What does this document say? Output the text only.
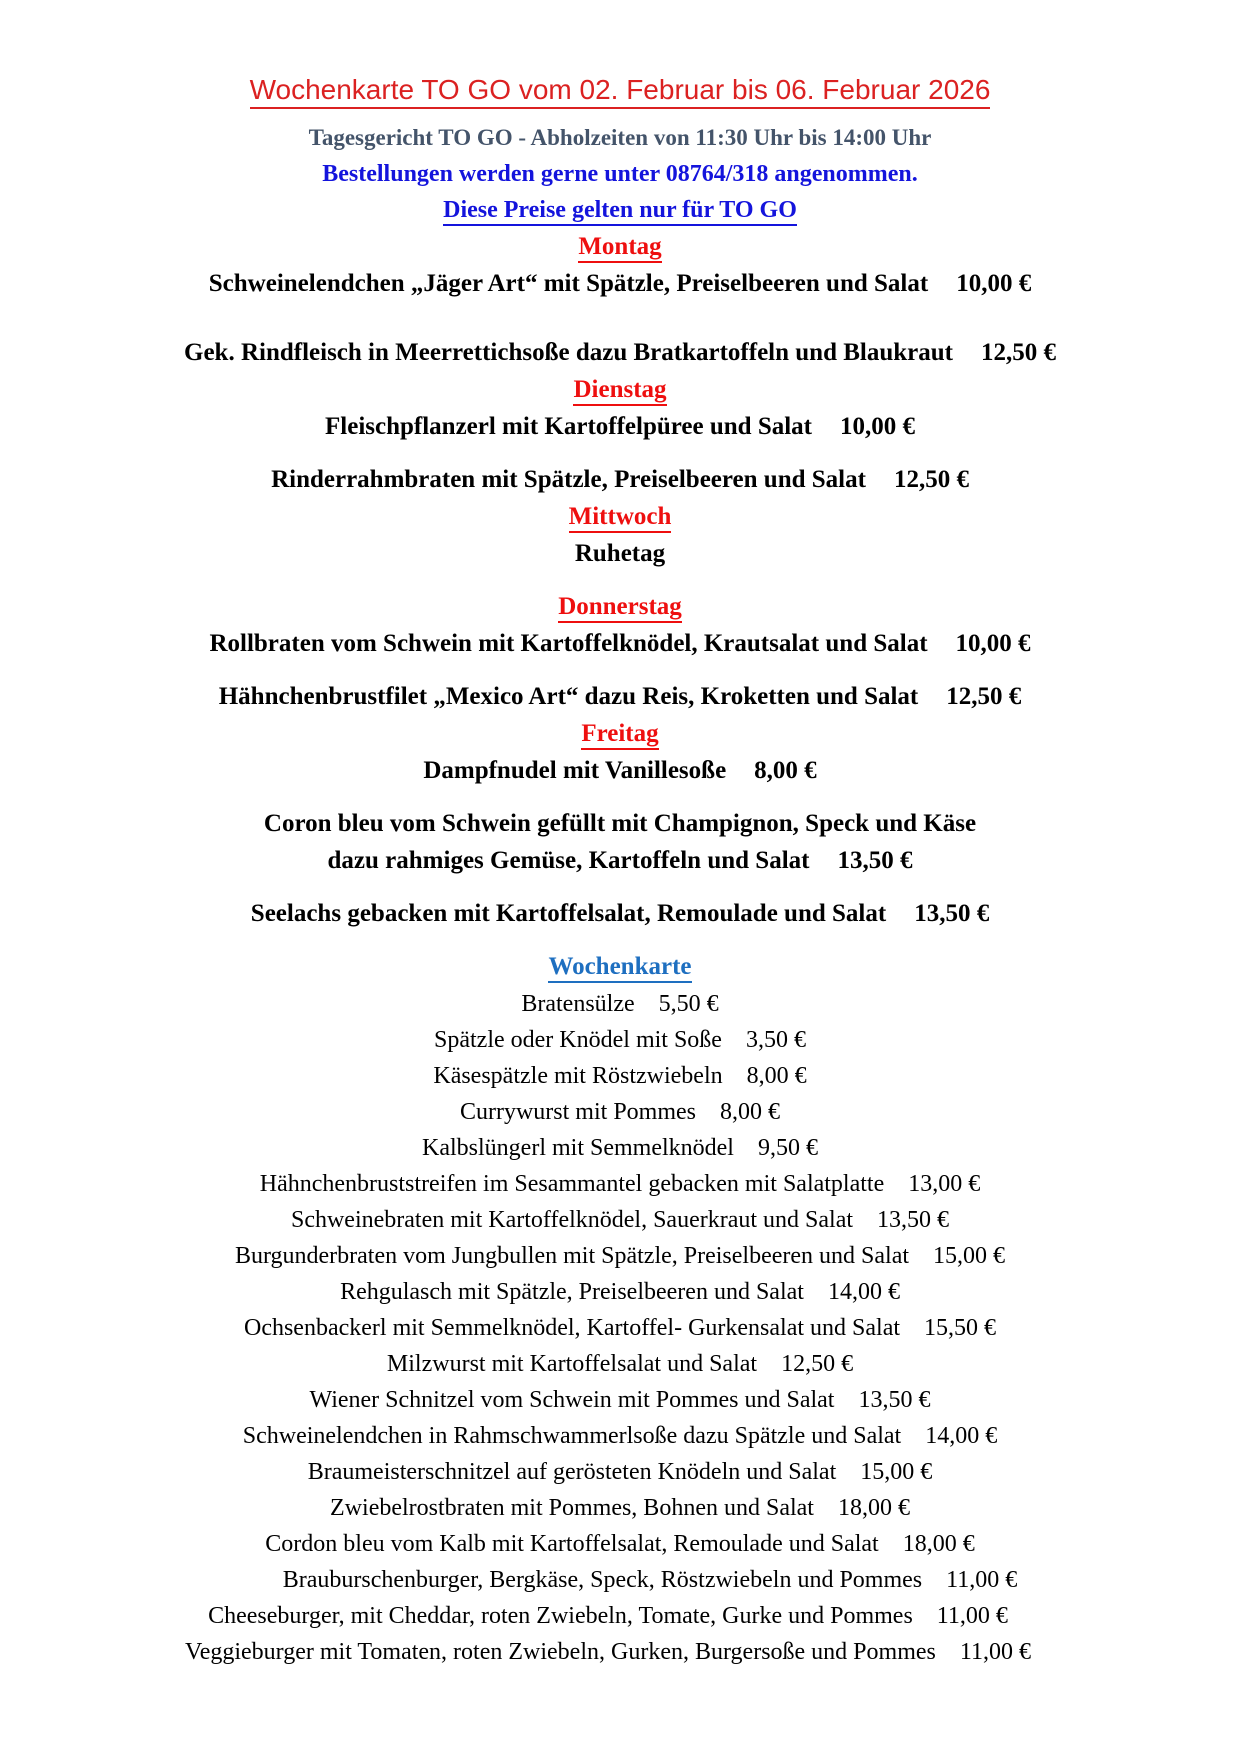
Wochenkarte TO GO vom 02. Februar bis 06. Februar 2026
Tagesgericht TO GO - Abholzeiten von 11:30 Uhr bis 14:00 Uhr
Bestellungen werden gerne unter 08764/318 angenommen.
Diese Preise gelten nur für TO GO
Montag
Schweinelendchen „Jäger Art“ mit Spätzle, Preiselbeeren und Salat 10,00 €
Gek. Rindfleisch in Meerrettichsoße dazu Bratkartoffeln und Blaukraut 12,50 €
Dienstag
Fleischpflanzerl mit Kartoffelpüree und Salat 10,00 €
Rinderrahmbraten mit Spätzle, Preiselbeeren und Salat 12,50 €
Mittwoch
Ruhetag
Donnerstag
Rollbraten vom Schwein mit Kartoffelknödel, Krautsalat und Salat 10,00 €
Hähnchenbrustfilet „Mexico Art“ dazu Reis, Kroketten und Salat 12,50 €
Freitag
Dampfnudel mit Vanillesoße 8,00 €
Coron bleu vom Schwein gefüllt mit Champignon, Speck und Käse
dazu rahmiges Gemüse, Kartoffeln und Salat 13,50 €
Seelachs gebacken mit Kartoffelsalat, Remoulade und Salat 13,50 €
Wochenkarte
Bratensülze 5,50 €
Spätzle oder Knödel mit Soße 3,50 €
Käsespätzle mit Röstzwiebeln 8,00 €
Currywurst mit Pommes 8,00 €
Kalbslüngerl mit Semmelknödel 9,50 €
Hähnchenbruststreifen im Sesammantel gebacken mit Salatplatte 13,00 €
Schweinebraten mit Kartoffelknödel, Sauerkraut und Salat 13,50 €
Burgunderbraten vom Jungbullen mit Spätzle, Preiselbeeren und Salat 15,00 €
Rehgulasch mit Spätzle, Preiselbeeren und Salat 14,00 €
Ochsenbackerl mit Semmelknödel, Kartoffel- Gurkensalat und Salat 15,50 €
Milzwurst mit Kartoffelsalat und Salat 12,50 €
Wiener Schnitzel vom Schwein mit Pommes und Salat 13,50 €
Schweinelendchen in Rahmschwammerlsoße dazu Spätzle und Salat 14,00 €
Braumeisterschnitzel auf gerösteten Knödeln und Salat 15,00 €
Zwiebelrostbraten mit Pommes, Bohnen und Salat 18,00 €
Cordon bleu vom Kalb mit Kartoffelsalat, Remoulade und Salat 18,00 €
Brauburschenburger, Bergkäse, Speck, Röstzwiebeln und Pommes 11,00 €
Cheeseburger, mit Cheddar, roten Zwiebeln, Tomate, Gurke und Pommes 11,00 €
Veggieburger mit Tomaten, roten Zwiebeln, Gurken, Burgersoße und Pommes 11,00 €
